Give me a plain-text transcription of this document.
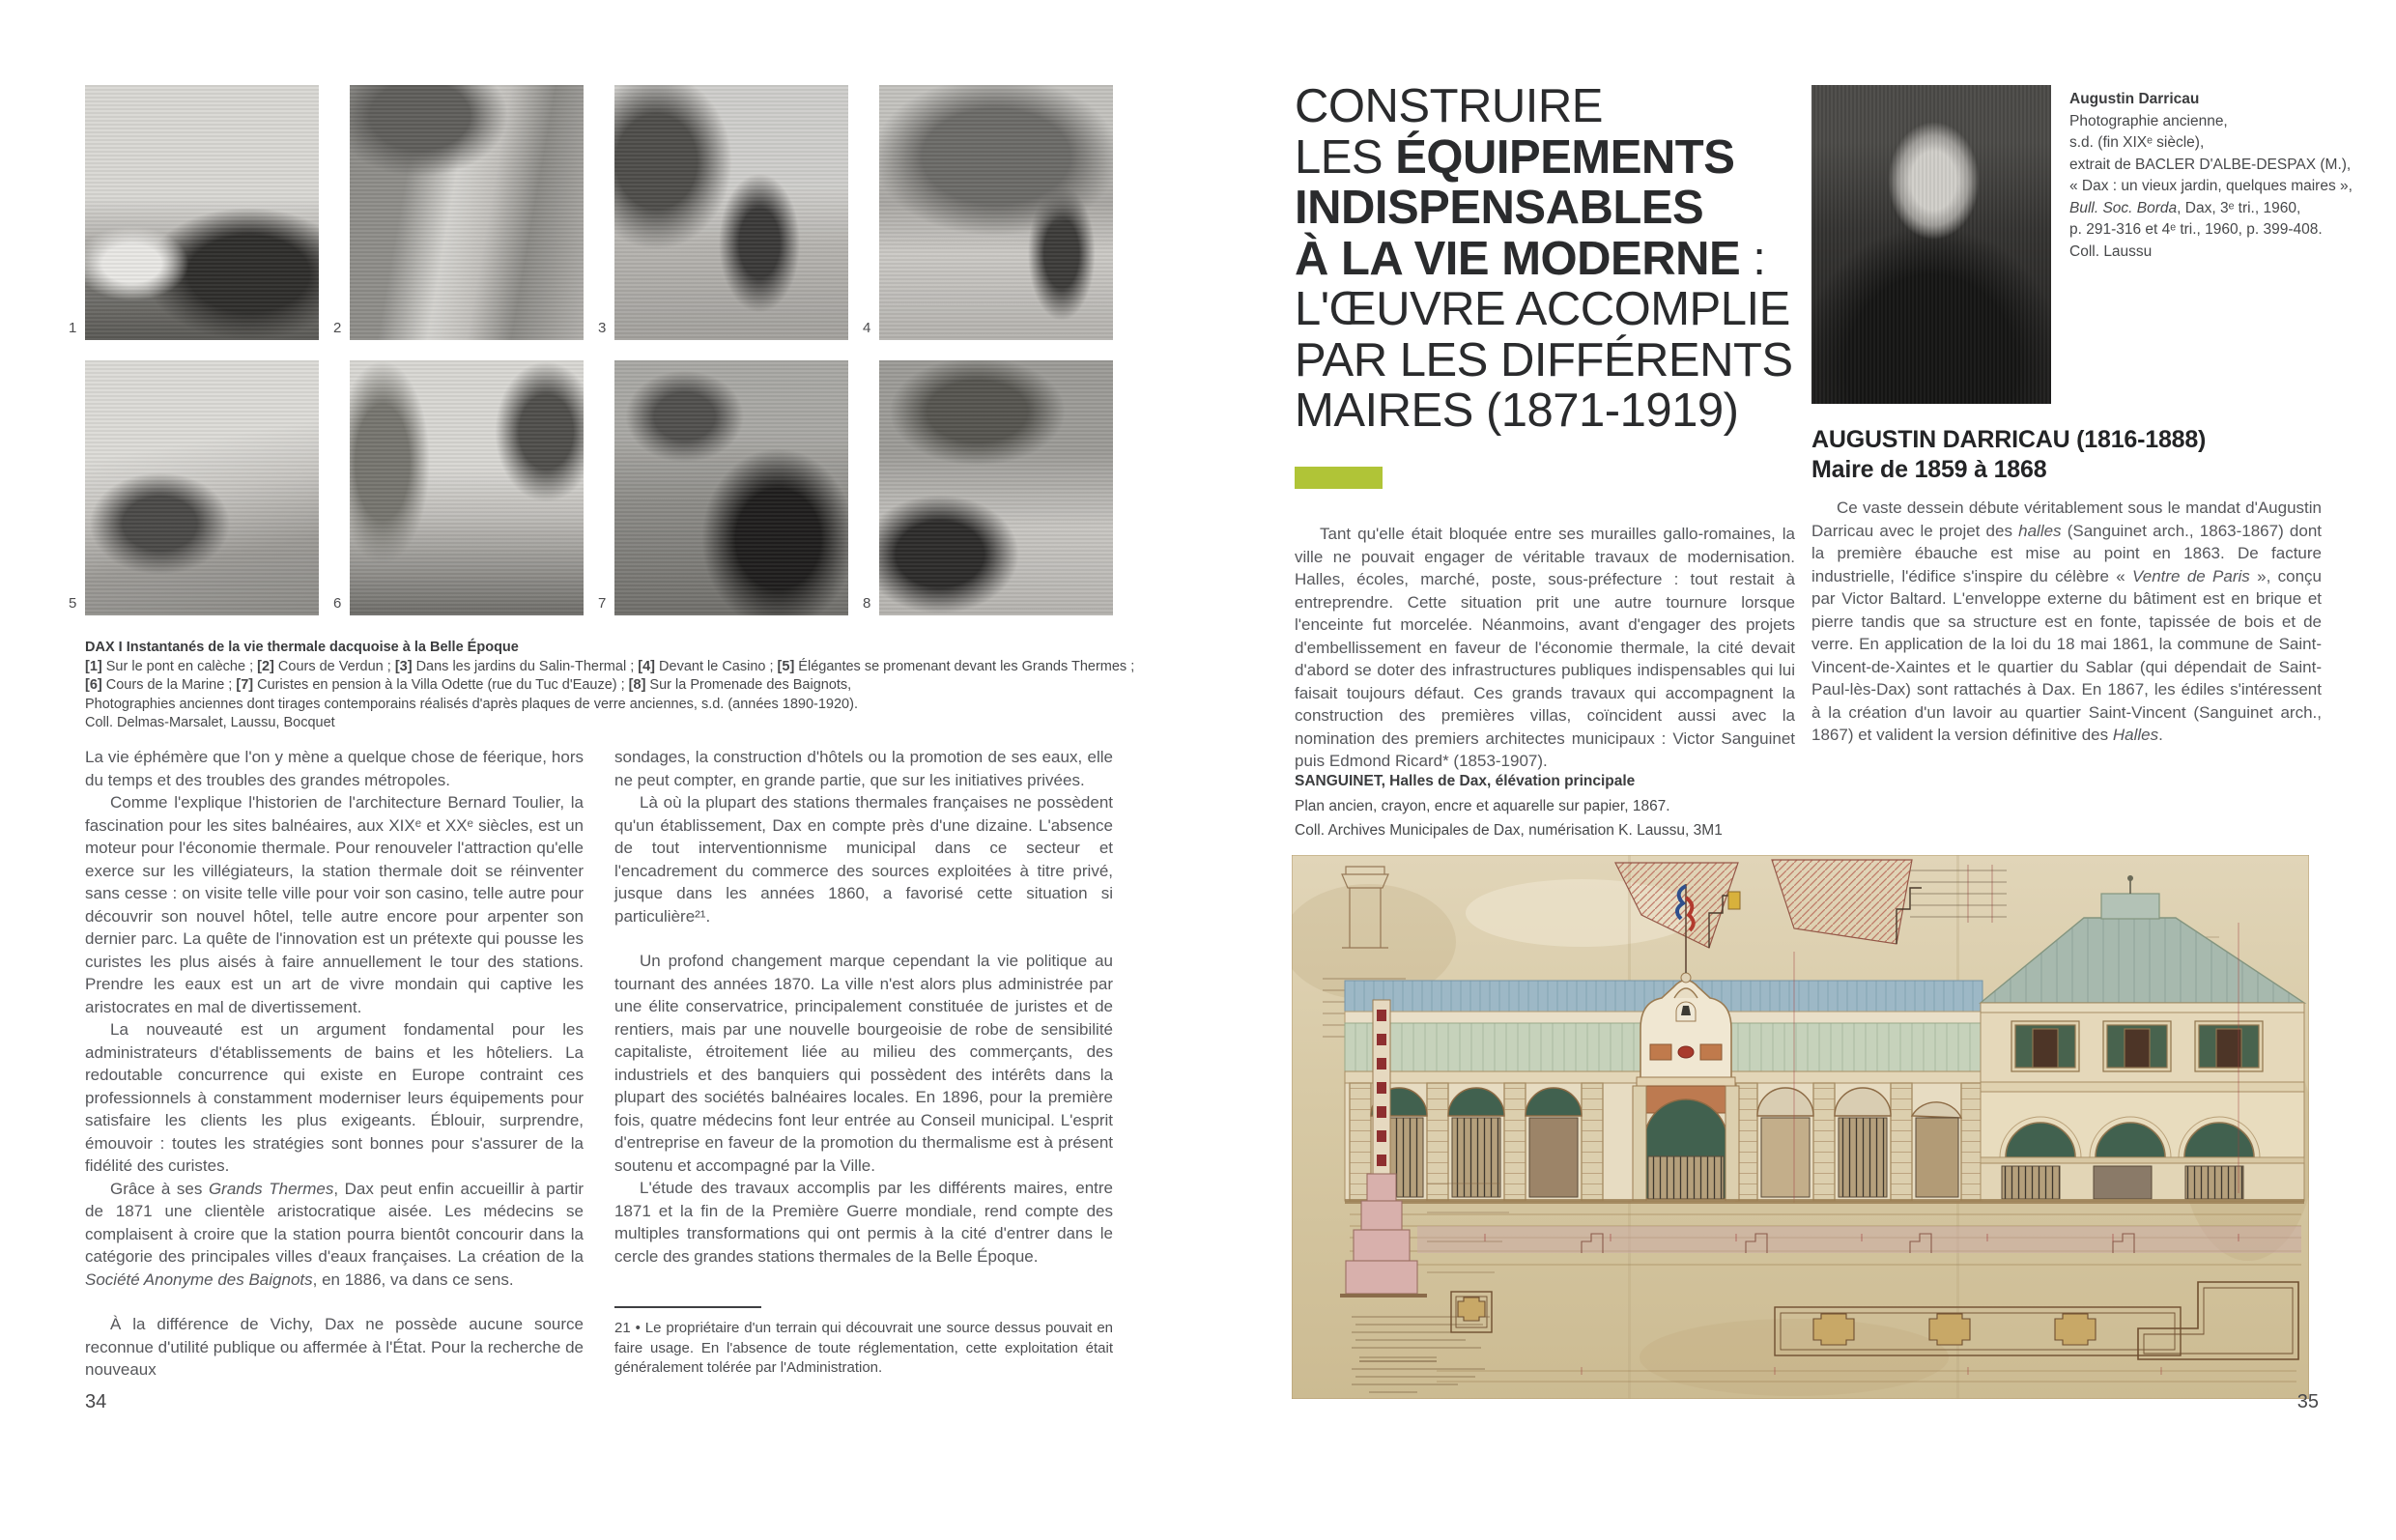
1	2	3	4
5	6	7	8
DAX I Instantanés de la vie thermale dacquoise à la Belle Époque
[1] Sur le pont en calèche ; [2] Cours de Verdun ; [3] Dans les jardins du Salin-Thermal ; [4] Devant le Casino ; [5] Élégantes se promenant devant les Grands Thermes ;
[6] Cours de la Marine ; [7] Curistes en pension à la Villa Odette (rue du Tuc d'Eauze) ; [8] Sur la Promenade des Baignots,
Photographies anciennes dont tirages contemporains réalisés d'après plaques de verre anciennes, s.d. (années 1890-1920).
Coll. Delmas-Marsalet, Laussu, Bocquet

La vie éphémère que l'on y mène a quelque chose de féerique, hors du temps et des troubles des grandes métropoles.

Comme l'explique l'historien de l'architecture Bernard Toulier, la fascination pour les sites balnéaires, aux XIXᵉ et XXᵉ siècles, est un moteur pour l'économie thermale. Pour renouveler l'attraction qu'elle exerce sur les villégiateurs, la station thermale doit se réinventer sans cesse : on visite telle ville pour voir son casino, telle autre pour découvrir son nouvel hôtel, telle autre encore pour arpenter son dernier parc. La quête de l'innovation est un prétexte qui pousse les curistes les plus aisés à faire annuellement le tour des stations. Prendre les eaux est un art de vivre mondain qui captive les aristocrates en mal de divertissement.

La nouveauté est un argument fondamental pour les administrateurs d'établissements de bains et les hôteliers. La redoutable concurrence qui existe en Europe contraint ces professionnels à constamment moderniser leurs équipements pour satisfaire les clients les plus exigeants. Éblouir, surprendre, émouvoir : toutes les stratégies sont bonnes pour s'assurer de la fidélité des curistes.

Grâce à ses Grands Thermes, Dax peut enfin accueillir à partir de 1871 une clientèle aristocratique aisée. Les médecins se complaisent à croire que la station pourra bientôt concourir dans la catégorie des principales villes d'eaux françaises. La création de la Société Anonyme des Baignots, en 1886, va dans ce sens.

À la différence de Vichy, Dax ne possède aucune source reconnue d'utilité publique ou affermée à l'État. Pour la recherche de nouveaux

sondages, la construction d'hôtels ou la promotion de ses eaux, elle ne peut compter, en grande partie, que sur les initiatives privées.

Là où la plupart des stations thermales françaises ne possèdent qu'un établissement, Dax en compte près d'une dizaine. L'absence de tout interventionnisme municipal dans ce secteur et l'encadrement du commerce des sources exploitées à titre privé, jusque dans les années 1860, a favorisé cette situation si particulière²¹.

Un profond changement marque cependant la vie politique au tournant des années 1870. La ville n'est alors plus administrée par une élite conservatrice, principalement constituée de juristes et de rentiers, mais par une nouvelle bourgeoisie de robe de sensibilité capitaliste, étroitement liée au milieu des commerçants, des industriels et des banquiers qui possèdent des intérêts dans la plupart des sociétés balnéaires locales. En 1896, pour la première fois, quatre médecins font leur entrée au Conseil municipal. L'esprit d'entreprise en faveur de la promotion du thermalisme est à présent soutenu et accompagné par la Ville.

L'étude des travaux accomplis par les différents maires, entre 1871 et la fin de la Première Guerre mondiale, rend compte des multiples transformations qui ont permis à la cité d'entrer dans le cercle des grandes stations thermales de la Belle Époque.

21 • Le propriétaire d'un terrain qui découvrait une source dessus pouvait en faire usage. En l'absence de toute réglementation, cette exploitation était généralement tolérée par l'Administration.
34
CONSTRUIRE
LES ÉQUIPEMENTS
INDISPENSABLES
À LA VIE MODERNE :
L'ŒUVRE ACCOMPLIE
PAR LES DIFFÉRENTS
MAIRES (1871-1919)

Tant qu'elle était bloquée entre ses murailles gallo-romaines, la ville ne pouvait engager de véritable travaux de modernisation. Halles, écoles, marché, poste, sous-préfecture : tout restait à entreprendre. Cette situation prit une autre tournure lorsque l'enceinte fut morcelée. Néanmoins, avant d'engager des projets d'embellissement en faveur de l'économie thermale, la cité devait d'abord se doter des infrastructures publiques indispensables qui lui faisait toujours défaut. Ces grands travaux qui accompagnent la construction des premières villas, coïncident aussi avec la nomination des premiers architectes municipaux : Victor Sanguinet puis Edmond Ricard* (1853-1907).

SANGUINET, Halles de Dax, élévation principale
Plan ancien, crayon, encre et aquarelle sur papier, 1867.
Coll. Archives Municipales de Dax, numérisation K. Laussu, 3M1
Augustin Darricau
Photographie ancienne,
s.d. (fin XIXᵉ siècle),
extrait de BACLER D'ALBE-DESPAX (M.),
« Dax : un vieux jardin, quelques maires »,
Bull. Soc. Borda, Dax, 3ᵉ tri., 1960,
p. 291-316 et 4ᵉ tri., 1960, p. 399-408.
Coll. Laussu
AUGUSTIN DARRICAU (1816-1888)
Maire de 1859 à 1868

Ce vaste dessein débute véritablement sous le mandat d'Augustin Darricau avec le projet des halles (Sanguinet arch., 1863-1867) dont la première ébauche est mise au point en 1863. De facture industrielle, l'édifice s'inspire du célèbre « Ventre de Paris », conçu par Victor Baltard. L'enveloppe externe du bâtiment est en brique et pierre tandis que sa structure est en fonte, tapissée de bois et de verre. En application de la loi du 18 mai 1861, la commune de Saint-Vincent-de-Xaintes et le quartier du Sablar (qui dépendait de Saint-Paul-lès-Dax) sont rattachés à Dax. En 1867, les édiles s'intéressent à la création d'un lavoir au quartier Saint-Vincent (Sanguinet arch., 1867) et valident la version définitive des Halles.

35
